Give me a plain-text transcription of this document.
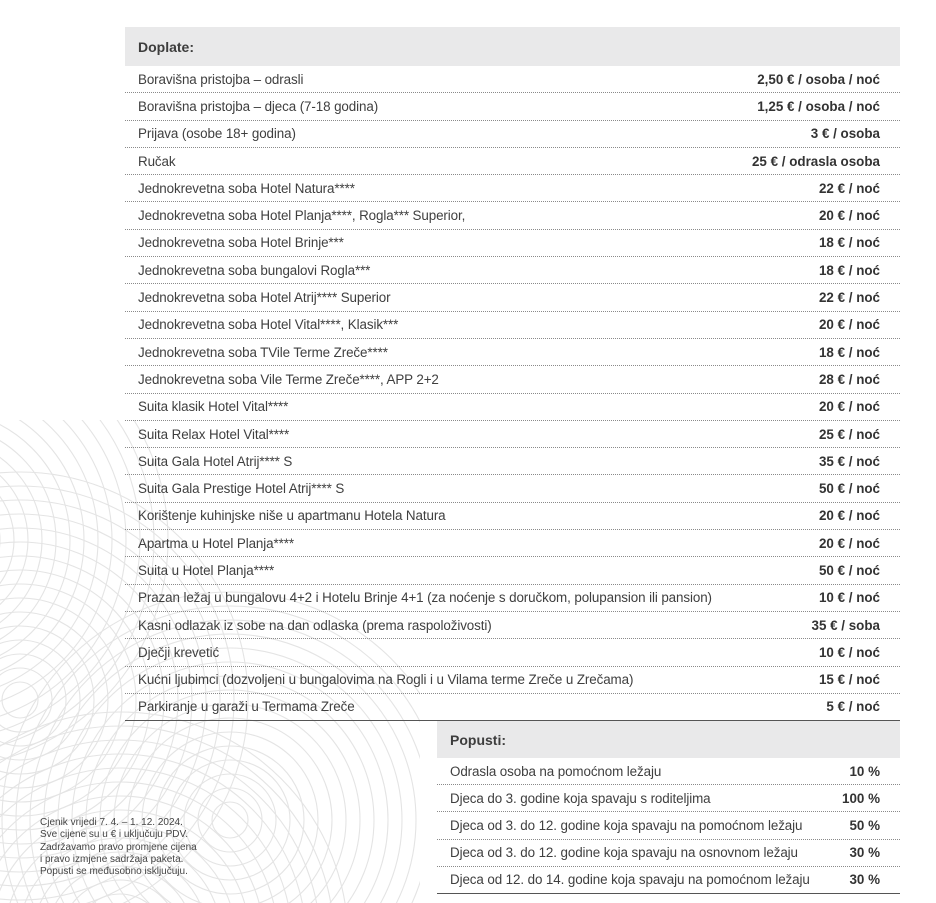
Doplate:
Boravišna pristojba – odrasli	2,50 € / osoba / noć
Boravišna pristojba – djeca (7-18 godina)	1,25 € / osoba / noć
Prijava (osobe 18+ godina)	3 € / osoba
Ručak	25 € / odrasla osoba
Jednokrevetna soba Hotel Natura****	22 € / noć
Jednokrevetna soba Hotel Planja****, Rogla*** Superior,	20 € / noć
Jednokrevetna soba Hotel Brinje***	18 € / noć
Jednokrevetna soba bungalovi Rogla***	18 € / noć
Jednokrevetna soba Hotel Atrij**** Superior	22 € / noć
Jednokrevetna soba Hotel Vital****, Klasik***	20 € / noć
Jednokrevetna soba TVile Terme Zreče****	18 € / noć
Jednokrevetna soba Vile Terme Zreče****, APP 2+2	28 € / noć
Suita klasik Hotel Vital****	20 € / noć
Suita Relax Hotel Vital****	25 € / noć
Suita Gala Hotel Atrij**** S	35 € / noć
Suita Gala Prestige Hotel Atrij**** S	50 € / noć
Korištenje kuhinjske niše u apartmanu Hotela Natura	20 € / noć
Apartma u Hotel Planja****	20 € / noć
Suita u Hotel Planja****	50 € / noć
Prazan ležaj u bungalovu 4+2 i Hotelu Brinje 4+1 (za noćenje s doručkom, polupansion ili pansion)	10 € / noć
Kasni odlazak iz sobe na dan odlaska (prema raspoloživosti)	35 € / soba
Dječji krevetić	10 € / noć
Kućni ljubimci (dozvoljeni u bungalovima na Rogli i u Vilama terme Zreče u Zrečama)	15 € / noć
Parkiranje u garaži u Termama Zreče	5 € / noć
Popusti:
Odrasla osoba na pomoćnom ležaju	10 %
Djeca do 3. godine koja spavaju s roditeljima	100 %
Djeca od 3. do 12. godine koja spavaju na pomoćnom ležaju	50 %
Djeca od 3. do 12. godine koja spavaju na osnovnom ležaju	30 %
Djeca od 12. do 14. godine koja spavaju na pomoćnom ležaju	30 %
Cjenik vrijedi 7. 4. – 1. 12. 2024.
Sve cijene su u € i uključuju PDV.
Zadržavamo pravo promjene cijena
i pravo izmjene sadržaja paketa.
Popusti se međusobno isključuju.
